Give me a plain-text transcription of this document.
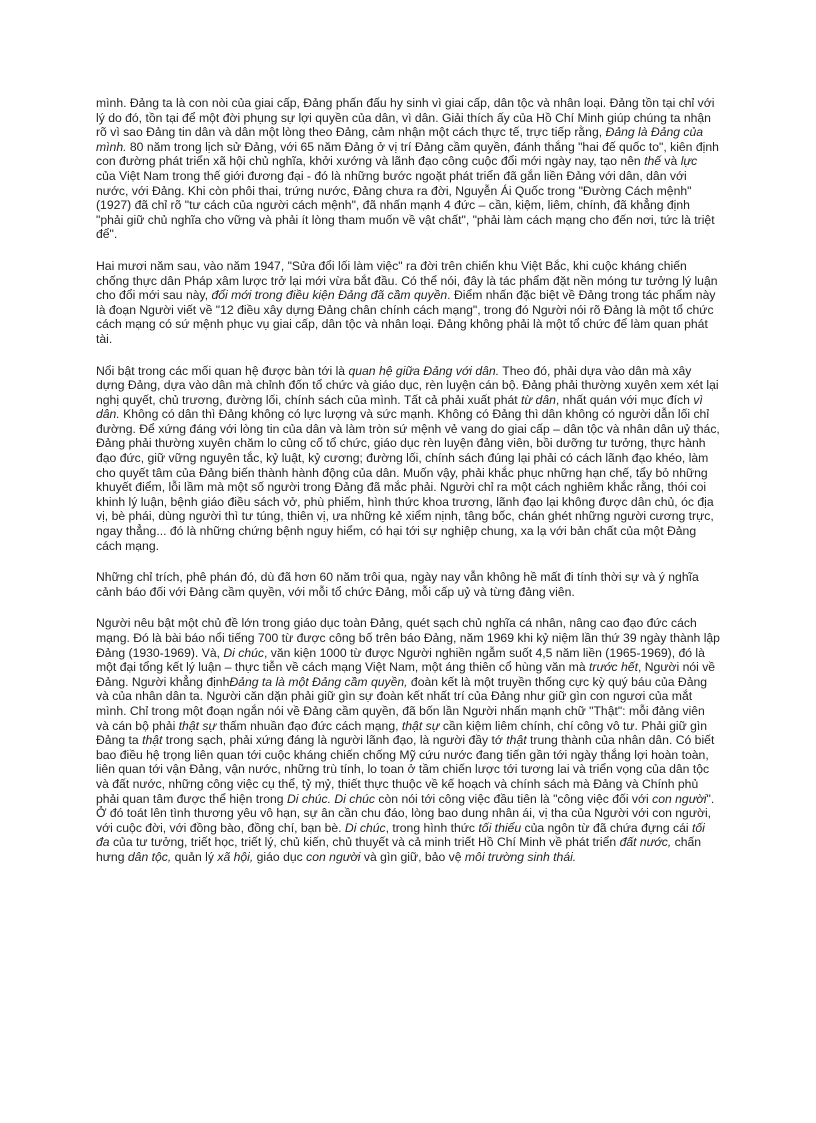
mình. Đảng ta là con nòi của giai cấp, Đảng phấn đấu hy sinh vì giai cấp, dân tộc và nhân loại. Đảng tồn tại chỉ với lý do đó, tồn tại để một đời phụng sự lợi quyền của dân, vì dân. Giải thích ấy của Hồ Chí Minh giúp chúng ta nhận rõ vì sao Đảng tin dân và dân một lòng theo Đảng, cảm nhận một cách thực tế, trực tiếp rằng, Đảng là Đảng của mình. 80 năm trong lịch sử Đảng, với 65 năm Đảng ở vị trí Đảng cầm quyền, đánh thắng "hai đế quốc to", kiên định con đường phát triển xã hội chủ nghĩa, khởi xướng và lãnh đạo công cuộc đổi mới ngày nay, tạo nên thế và lực của Việt Nam trong thế giới đương đại - đó là những bước ngoặt phát triển đã gắn liền Đảng với dân, dân với nước, với Đảng. Khi còn phôi thai, trứng nước, Đảng chưa ra đời, Nguyễn Ái Quốc trong "Đường Cách mệnh" (1927) đã chỉ rõ "tư cách của người cách mệnh", đã nhấn mạnh 4 đức – cần, kiệm, liêm, chính, đã khẳng định "phải giữ chủ nghĩa cho vững và phải ít lòng tham muốn về vật chất", "phải làm cách mạng cho đến nơi, tức là triệt để".

Hai mươi năm sau, vào năm 1947, "Sửa đổi lối làm việc" ra đời trên chiến khu Việt Bắc, khi cuộc kháng chiến chống thực dân Pháp xâm lược trở lại mới vừa bắt đầu. Có thể nói, đây là tác phẩm đặt nền móng tư tưởng lý luận cho đổi mới sau này, đổi mới trong điều kiện Đảng đã cầm quyền. Điểm nhấn đặc biệt về Đảng trong tác phẩm này là đoạn Người viết về "12 điều xây dựng Đảng chân chính cách mạng", trong đó Người nói rõ Đảng là một tổ chức cách mạng có sứ mệnh phục vụ giai cấp, dân tộc và nhân loại. Đảng không phải là một tổ chức để làm quan phát tài.

Nổi bật trong các mối quan hệ được bàn tới là quan hệ giữa Đảng với dân. Theo đó, phải dựa vào dân mà xây dựng Đảng, dựa vào dân mà chỉnh đốn tổ chức và giáo dục, rèn luyện cán bộ. Đảng phải thường xuyên xem xét lại nghị quyết, chủ trương, đường lối, chính sách của mình. Tất cả phải xuất phát từ dân, nhất quán với mục đích vì dân. Không có dân thì Đảng không có lực lượng và sức mạnh. Không có Đảng thì dân không có người dẫn lối chỉ đường. Để xứng đáng với lòng tin của dân và làm tròn sứ mệnh vẻ vang do giai cấp – dân tộc và nhân dân uỷ thác, Đảng phải thường xuyên chăm lo củng cố tổ chức, giáo dục rèn luyện đảng viên, bồi dưỡng tư tưởng, thực hành đạo đức, giữ vững nguyên tắc, kỷ luật, kỷ cương; đường lối, chính sách đúng lại phải có cách lãnh đạo khéo, làm cho quyết tâm của Đảng biến thành hành động của dân. Muốn vậy, phải khắc phục những hạn chế, tẩy bỏ những khuyết điểm, lỗi lầm mà một số người trong Đảng đã mắc phải. Người chỉ ra một cách nghiêm khắc rằng, thói coi khinh lý luận, bệnh giáo điều sách vở, phù phiếm, hình thức khoa trương, lãnh đạo lại không được dân chủ, óc địa vị, bè phái, dùng người thì tư túng, thiên vị, ưa những kẻ xiểm nịnh, tâng bốc, chán ghét những người cương trực, ngay thẳng... đó là những chứng bệnh nguy hiểm, có hại tới sự nghiệp chung, xa lạ với bản chất của một Đảng cách mạng.

Những chỉ trích, phê phán đó, dù đã hơn 60 năm trôi qua, ngày nay vẫn không hề mất đi tính thời sự và ý nghĩa cảnh báo đối với Đảng cầm quyền, với mỗi tổ chức Đảng, mỗi cấp uỷ và từng đảng viên.

Người nêu bật một chủ đề lớn trong giáo dục toàn Đảng, quét sạch chủ nghĩa cá nhân, nâng cao đạo đức cách mạng. Đó là bài báo nổi tiếng 700 từ được công bố trên báo Đảng, năm 1969 khi kỷ niệm lần thứ 39 ngày thành lập Đảng (1930-1969). Và, Di chúc, văn kiện 1000 từ được Người nghiền ngẫm suốt 4,5 năm liền (1965-1969), đó là một đại tổng kết lý luận – thực tiễn về cách mạng Việt Nam, một áng thiên cổ hùng văn mà trước hết, Người nói về Đảng. Người khẳng địnhĐảng ta là một Đảng cầm quyền, đoàn kết là một truyền thống cực kỳ quý báu của Đảng và của nhân dân ta. Người căn dặn phải giữ gìn sự đoàn kết nhất trí của Đảng như giữ gìn con ngươi của mắt mình. Chỉ trong một đoạn ngắn nói về Đảng cầm quyền, đã bốn lần Người nhấn mạnh chữ "Thật": mỗi đảng viên và cán bộ phải thật sự thấm nhuần đạo đức cách mạng, thật sự cần kiệm liêm chính, chí công vô tư. Phải giữ gìn Đảng ta thật trong sạch, phải xứng đáng là người lãnh đạo, là người đầy tớ thật trung thành của nhân dân. Có biết bao điều hệ trọng liên quan tới cuộc kháng chiến chống Mỹ cứu nước đang tiến gần tới ngày thắng lợi hoàn toàn, liên quan tới vận Đảng, vận nước, những trù tính, lo toan ở tầm chiến lược tới tương lai và triển vọng của dân tộc và đất nước, những công việc cụ thể, tỷ mỷ, thiết thực thuộc về kế hoạch và chính sách mà Đảng và Chính phủ phải quan tâm được thể hiện trong Di chúc. Di chúc còn nói tới công việc đầu tiên là "công việc đối với con người". Ở đó toát lên tình thương yêu vô hạn, sự ân cần chu đáo, lòng bao dung nhân ái, vị tha của Người với con người, với cuộc đời, với đồng bào, đồng chí, bạn bè. Di chúc, trong hình thức tối thiểu của ngôn từ đã chứa đựng cái tối đa của tư tưởng, triết học, triết lý, chủ kiến, chủ thuyết và cả minh triết Hồ Chí Minh về phát triển đất nước, chấn hưng dân tộc, quản lý xã hội, giáo dục con người và gìn giữ, bảo vệ môi trường sinh thái.
